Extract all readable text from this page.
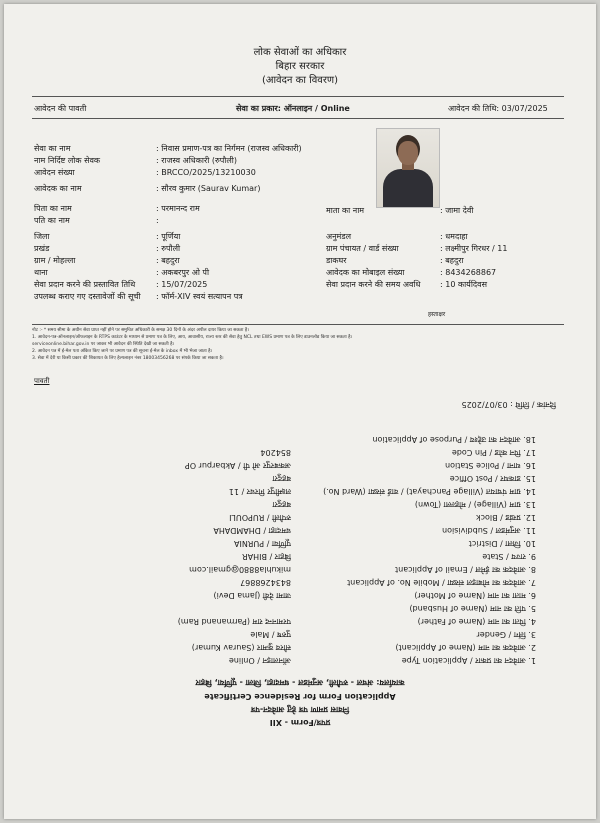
लोक सेवाओं का अधिकार
बिहार सरकार
(आवेदन का विवरण)
आवेदन की पावती	सेवा का प्रकार: ऑनलाइन / Online	आवेदन की तिथि: 03/07/2025
सेवा का नाम	: निवास प्रमाण-पत्र का निर्गमन (राजस्व अधिकारी)
नाम निर्दिष्ट लोक सेवक	: राजस्व अधिकारी (रुपौली)
आवेदन संख्या	: BRCCO/2025/13210030
आवेदक का नाम	: सौरव कुमार (Saurav Kumar)
पिता का नाम	: परमानन्द राम
पति का नाम	:
जिला	: पूर्णिया
प्रखंड	: रुपौली
ग्राम / मोहल्ला	: बहदुरा
थाना	: अकबरपुर ओ पी
सेवा प्रदान करने की प्रस्तावित तिथि	: 15/07/2025
उपलब्ध कराए गए दस्तावेजों की सूची : फॉर्म-XIV स्वयं सत्यापन पत्र
माता का नाम	: जामा देवी
अनुमंडल	: धमदाहा
ग्राम पंचायत / वार्ड संख्या	: लक्ष्मीपुर गिरधर / 11
डाकघर	: बहदुरा
आवेदक का मोबाइल संख्या	: 8434268867
सेवा प्रदान करने की समय अवधि : 10 कार्यदिवस
हस्ताक्षर
नोट :- * समय सीमा के अधीन सेवा प्राप्त नहीं होने पर समुचित अधिकारी के समक्ष 30 दिनों के अंदर अपील दायर किया जा सकता है।
1. आवेदन-पत्र-ऑनलाइन/ऑफलाइन के RTPS काउंटर के माध्यम से प्रमाण पत्र के लिए, आय, आवासीय, राज्य स्तर की सेवा हेतु NCL तथा EWS प्रमाण पत्र के लिए डाउनलोड किया जा सकता है।
serviceonline.bihar.gov.in पर जाकर भी आवेदन की स्थिति देखी जा सकती है।
2. आवेदन पत्र में ई-मेल पता अंकित किए जाने पर प्रमाण पत्र की सूचना ई-मेल के inbox में भी भेजा जाता है।
3. सेवा में देरी या किसी प्रकार की शिकायत के लिए हेल्पलाइन नंबर 18003456268 पर संपर्क किया जा सकता है।
पावती
प्रपत्र/Form - XII
निवास प्रमाण पत्र हेतु आवेदन-पत्र
Application Form for Residence Certificate
कार्यालय: अंचल - रुपौली, अनुमंडल - धमदाहा, जिला - पूर्णिया, बिहार
1. आवेदन का प्रकार / Application Type
ऑनलाइन / Online
2. आवेदक का नाम (Name of Applicant)
सौरव कुमार (Saurav Kumar)
3. लिंग / Gender
पुरुष / Male
4. पिता का नाम (Name of Father)
परमानन्द राम (Parmanand Ram)
5. पति का नाम (Name of Husband)
6. माता का नाम (Name of Mother)
जामा देवी (Jama Devi)
7. आवेदक का मोबाइल संख्या / Mobile No. of Applicant
8434268867
8. आवेदक का ईमेल / Email of Applicant
mikuhla8880@gmail.com
9. राज्य / State
बिहार / BIHAR
10. जिला / District
पूर्णिया / PURNIA
11. अनुमंडल / Subdivision
धमदाहा / DHAMDAHA
12. प्रखंड / Block
रुपौली / RUPOULI
13. ग्राम (Village) / मोहल्ला (Town)
बहदुरा
14. ग्राम पंचायत (Village Panchayat) / वार्ड संख्या (Ward No.)
लक्ष्मीपुर गिरधर / 11
15. डाकघर / Post Office
बहदुरा
16. थाना / Police Station
अकबरपुर ओ पी / Akbarpur OP
17. पिन कोड / Pin Code
854204
18. आवेदन का उद्देश्य / Purpose of Application
दिनांक / तिथि : 03/07/2025
